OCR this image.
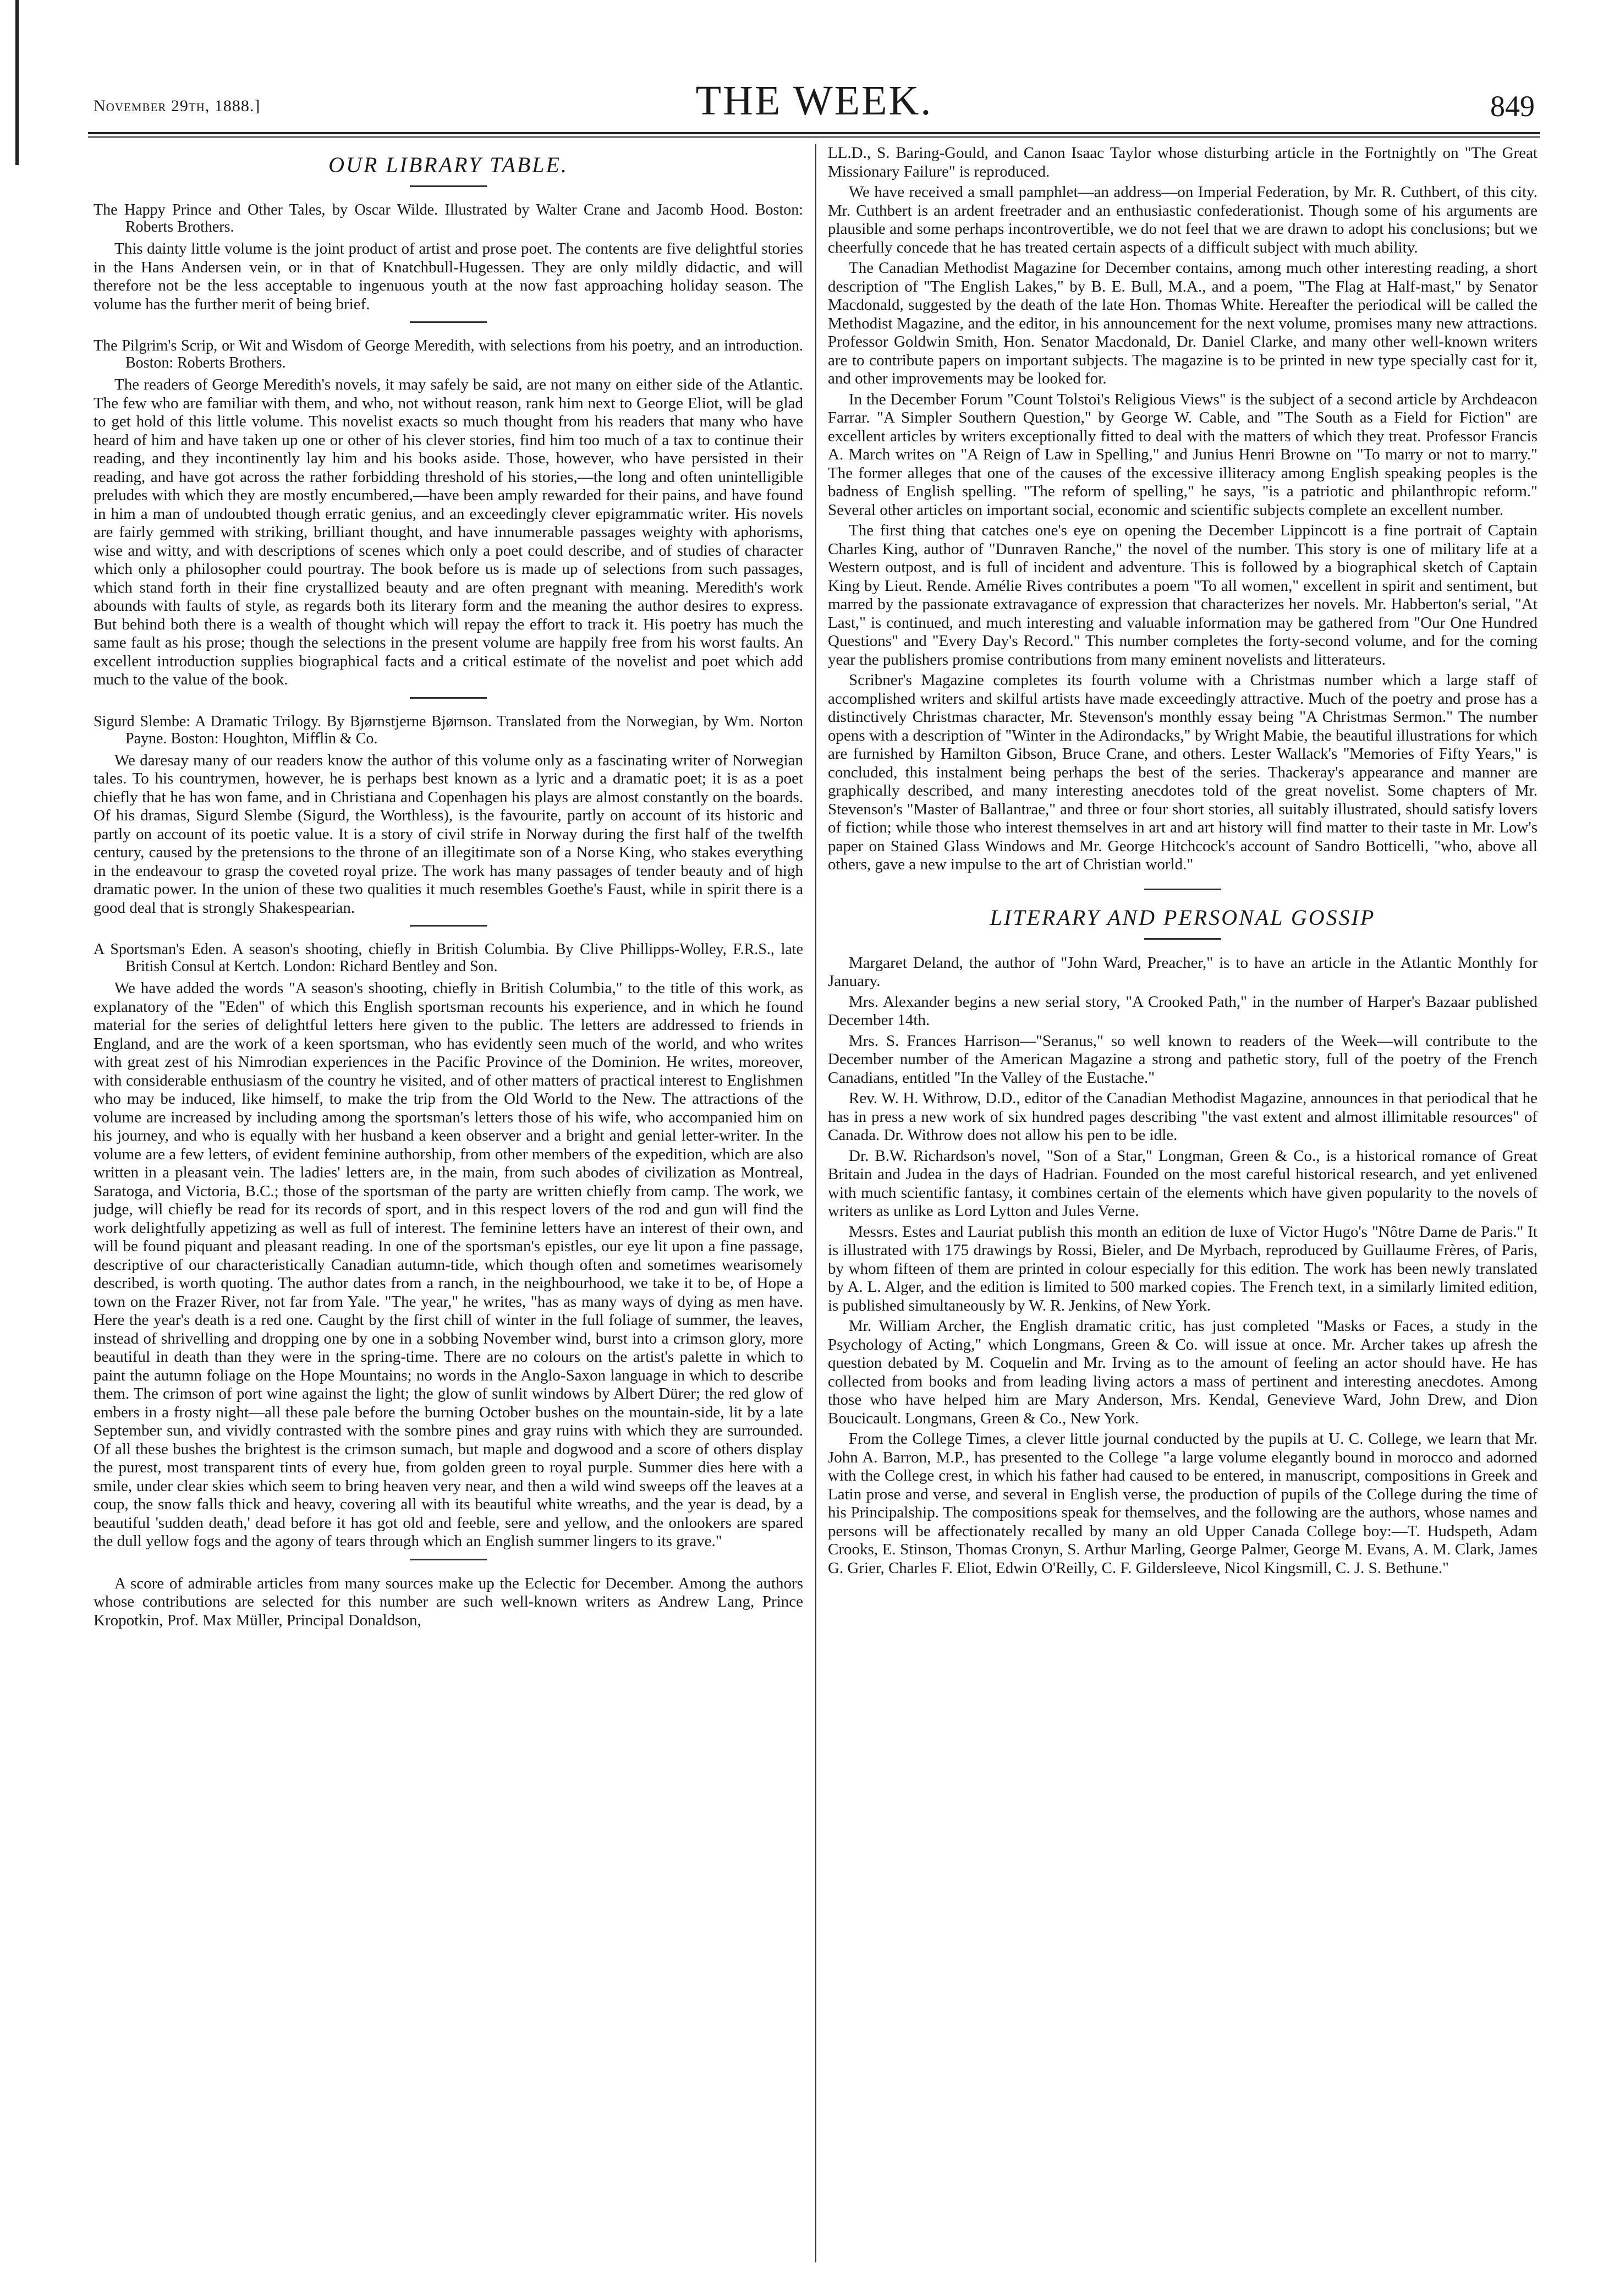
November 29th, 1888.]	THE WEEK.	849
OUR LIBRARY TABLE.
The Happy Prince and Other Tales, by Oscar Wilde. Illustrated by Walter Crane and Jacomb Hood. Boston: Roberts Brothers.

This dainty little volume is the joint product of artist and prose poet. The contents are five delightful stories in the Hans Andersen vein, or in that of Knatchbull-Hugessen. They are only mildly didactic, and will therefore not be the less acceptable to ingenuous youth at the now fast approaching holiday season. The volume has the further merit of being brief.

The Pilgrim's Scrip, or Wit and Wisdom of George Meredith, with selections from his poetry, and an introduction. Boston: Roberts Brothers.

The readers of George Meredith's novels, it may safely be said, are not many on either side of the Atlantic. The few who are familiar with them, and who, not without reason, rank him next to George Eliot, will be glad to get hold of this little volume. This novelist exacts so much thought from his readers that many who have heard of him and have taken up one or other of his clever stories, find him too much of a tax to continue their reading, and they incontinently lay him and his books aside. Those, however, who have persisted in their reading, and have got across the rather forbidding threshold of his stories,—the long and often unintelligible preludes with which they are mostly encumbered,—have been amply rewarded for their pains, and have found in him a man of undoubted though erratic genius, and an exceedingly clever epigrammatic writer. His novels are fairly gemmed with striking, brilliant thought, and have innumerable passages weighty with aphorisms, wise and witty, and with descriptions of scenes which only a poet could describe, and of studies of character which only a philosopher could pourtray. The book before us is made up of selections from such passages, which stand forth in their fine crystallized beauty and are often pregnant with meaning. Meredith's work abounds with faults of style, as regards both its literary form and the meaning the author desires to express. But behind both there is a wealth of thought which will repay the effort to track it. His poetry has much the same fault as his prose; though the selections in the present volume are happily free from his worst faults. An excellent introduction supplies biographical facts and a critical estimate of the novelist and poet which add much to the value of the book.

Sigurd Slembe: A Dramatic Trilogy. By Bjørnstjerne Bjørnson. Translated from the Norwegian, by Wm. Norton Payne. Boston: Houghton, Mifflin & Co.

We daresay many of our readers know the author of this volume only as a fascinating writer of Norwegian tales. To his countrymen, however, he is perhaps best known as a lyric and a dramatic poet; it is as a poet chiefly that he has won fame, and in Christiana and Copenhagen his plays are almost constantly on the boards. Of his dramas, Sigurd Slembe (Sigurd, the Worthless), is the favourite, partly on account of its historic and partly on account of its poetic value. It is a story of civil strife in Norway during the first half of the twelfth century, caused by the pretensions to the throne of an illegitimate son of a Norse King, who stakes everything in the endeavour to grasp the coveted royal prize. The work has many passages of tender beauty and of high dramatic power. In the union of these two qualities it much resembles Goethe's Faust, while in spirit there is a good deal that is strongly Shakespearian.

A Sportsman's Eden. A season's shooting, chiefly in British Columbia. By Clive Phillipps-Wolley, F.R.S., late British Consul at Kertch. London: Richard Bentley and Son.

We have added the words "A season's shooting, chiefly in British Columbia," to the title of this work, as explanatory of the "Eden" of which this English sportsman recounts his experience, and in which he found material for the series of delightful letters here given to the public. The letters are addressed to friends in England, and are the work of a keen sportsman, who has evidently seen much of the world, and who writes with great zest of his Nimrodian experiences in the Pacific Province of the Dominion. He writes, moreover, with considerable enthusiasm of the country he visited, and of other matters of practical interest to Englishmen who may be induced, like himself, to make the trip from the Old World to the New. The attractions of the volume are increased by including among the sportsman's letters those of his wife, who accompanied him on his journey, and who is equally with her husband a keen observer and a bright and genial letter-writer. In the volume are a few letters, of evident feminine authorship, from other members of the expedition, which are also written in a pleasant vein. The ladies' letters are, in the main, from such abodes of civilization as Montreal, Saratoga, and Victoria, B.C.; those of the sportsman of the party are written chiefly from camp. The work, we judge, will chiefly be read for its records of sport, and in this respect lovers of the rod and gun will find the work delightfully appetizing as well as full of interest. The feminine letters have an interest of their own, and will be found piquant and pleasant reading. In one of the sportsman's epistles, our eye lit upon a fine passage, descriptive of our characteristically Canadian autumn-tide, which though often and sometimes wearisomely described, is worth quoting. The author dates from a ranch, in the neighbourhood, we take it to be, of Hope a town on the Frazer River, not far from Yale. "The year," he writes, "has as many ways of dying as men have. Here the year's death is a red one. Caught by the first chill of winter in the full foliage of summer, the leaves, instead of shrivelling and dropping one by one in a sobbing November wind, burst into a crimson glory, more beautiful in death than they were in the spring-time. There are no colours on the artist's palette in which to paint the autumn foliage on the Hope Mountains; no words in the Anglo-Saxon language in which to describe them. The crimson of port wine against the light; the glow of sunlit windows by Albert Dürer; the red glow of embers in a frosty night—all these pale before the burning October bushes on the mountain-side, lit by a late September sun, and vividly contrasted with the sombre pines and gray ruins with which they are surrounded. Of all these bushes the brightest is the crimson sumach, but maple and dogwood and a score of others display the purest, most transparent tints of every hue, from golden green to royal purple. Summer dies here with a smile, under clear skies which seem to bring heaven very near, and then a wild wind sweeps off the leaves at a coup, the snow falls thick and heavy, covering all with its beautiful white wreaths, and the year is dead, by a beautiful 'sudden death,' dead before it has got old and feeble, sere and yellow, and the onlookers are spared the dull yellow fogs and the agony of tears through which an English summer lingers to its grave."

A score of admirable articles from many sources make up the Eclectic for December. Among the authors whose contributions are selected for this number are such well-known writers as Andrew Lang, Prince Kropotkin, Prof. Max Müller, Principal Donaldson,

LL.D., S. Baring-Gould, and Canon Isaac Taylor whose disturbing article in the Fortnightly on "The Great Missionary Failure" is reproduced.

We have received a small pamphlet—an address—on Imperial Federation, by Mr. R. Cuthbert, of this city. Mr. Cuthbert is an ardent freetrader and an enthusiastic confederationist. Though some of his arguments are plausible and some perhaps incontrovertible, we do not feel that we are drawn to adopt his conclusions; but we cheerfully concede that he has treated certain aspects of a difficult subject with much ability.

The Canadian Methodist Magazine for December contains, among much other interesting reading, a short description of "The English Lakes," by B. E. Bull, M.A., and a poem, "The Flag at Half-mast," by Senator Macdonald, suggested by the death of the late Hon. Thomas White. Hereafter the periodical will be called the Methodist Magazine, and the editor, in his announcement for the next volume, promises many new attractions. Professor Goldwin Smith, Hon. Senator Macdonald, Dr. Daniel Clarke, and many other well-known writers are to contribute papers on important subjects. The magazine is to be printed in new type specially cast for it, and other improvements may be looked for.

In the December Forum "Count Tolstoi's Religious Views" is the subject of a second article by Archdeacon Farrar. "A Simpler Southern Question," by George W. Cable, and "The South as a Field for Fiction" are excellent articles by writers exceptionally fitted to deal with the matters of which they treat. Professor Francis A. March writes on "A Reign of Law in Spelling," and Junius Henri Browne on "To marry or not to marry." The former alleges that one of the causes of the excessive illiteracy among English speaking peoples is the badness of English spelling. "The reform of spelling," he says, "is a patriotic and philanthropic reform." Several other articles on important social, economic and scientific subjects complete an excellent number.

The first thing that catches one's eye on opening the December Lippincott is a fine portrait of Captain Charles King, author of "Dunraven Ranche," the novel of the number. This story is one of military life at a Western outpost, and is full of incident and adventure. This is followed by a biographical sketch of Captain King by Lieut. Rende. Amélie Rives contributes a poem "To all women," excellent in spirit and sentiment, but marred by the passionate extravagance of expression that characterizes her novels. Mr. Habberton's serial, "At Last," is continued, and much interesting and valuable information may be gathered from "Our One Hundred Questions" and "Every Day's Record." This number completes the forty-second volume, and for the coming year the publishers promise contributions from many eminent novelists and litterateurs.

Scribner's Magazine completes its fourth volume with a Christmas number which a large staff of accomplished writers and skilful artists have made exceedingly attractive. Much of the poetry and prose has a distinctively Christmas character, Mr. Stevenson's monthly essay being "A Christmas Sermon." The number opens with a description of "Winter in the Adirondacks," by Wright Mabie, the beautiful illustrations for which are furnished by Hamilton Gibson, Bruce Crane, and others. Lester Wallack's "Memories of Fifty Years," is concluded, this instalment being perhaps the best of the series. Thackeray's appearance and manner are graphically described, and many interesting anecdotes told of the great novelist. Some chapters of Mr. Stevenson's "Master of Ballantrae," and three or four short stories, all suitably illustrated, should satisfy lovers of fiction; while those who interest themselves in art and art history will find matter to their taste in Mr. Low's paper on Stained Glass Windows and Mr. George Hitchcock's account of Sandro Botticelli, "who, above all others, gave a new impulse to the art of Christian world."

LITERARY AND PERSONAL GOSSIP

Margaret Deland, the author of "John Ward, Preacher," is to have an article in the Atlantic Monthly for January.

Mrs. Alexander begins a new serial story, "A Crooked Path," in the number of Harper's Bazaar published December 14th.

Mrs. S. Frances Harrison—"Seranus," so well known to readers of the Week—will contribute to the December number of the American Magazine a strong and pathetic story, full of the poetry of the French Canadians, entitled "In the Valley of the Eustache."

Rev. W. H. Withrow, D.D., editor of the Canadian Methodist Magazine, announces in that periodical that he has in press a new work of six hundred pages describing "the vast extent and almost illimitable resources" of Canada. Dr. Withrow does not allow his pen to be idle.

Dr. B.W. Richardson's novel, "Son of a Star," Longman, Green & Co., is a historical romance of Great Britain and Judea in the days of Hadrian. Founded on the most careful historical research, and yet enlivened with much scientific fantasy, it combines certain of the elements which have given popularity to the novels of writers as unlike as Lord Lytton and Jules Verne.

Messrs. Estes and Lauriat publish this month an edition de luxe of Victor Hugo's "Nôtre Dame de Paris." It is illustrated with 175 drawings by Rossi, Bieler, and De Myrbach, reproduced by Guillaume Frères, of Paris, by whom fifteen of them are printed in colour especially for this edition. The work has been newly translated by A. L. Alger, and the edition is limited to 500 marked copies. The French text, in a similarly limited edition, is published simultaneously by W. R. Jenkins, of New York.

Mr. William Archer, the English dramatic critic, has just completed "Masks or Faces, a study in the Psychology of Acting," which Longmans, Green & Co. will issue at once. Mr. Archer takes up afresh the question debated by M. Coquelin and Mr. Irving as to the amount of feeling an actor should have. He has collected from books and from leading living actors a mass of pertinent and interesting anecdotes. Among those who have helped him are Mary Anderson, Mrs. Kendal, Genevieve Ward, John Drew, and Dion Boucicault. Longmans, Green & Co., New York.

From the College Times, a clever little journal conducted by the pupils at U. C. College, we learn that Mr. John A. Barron, M.P., has presented to the College "a large volume elegantly bound in morocco and adorned with the College crest, in which his father had caused to be entered, in manuscript, compositions in Greek and Latin prose and verse, and several in English verse, the production of pupils of the College during the time of his Principalship. The compositions speak for themselves, and the following are the authors, whose names and persons will be affectionately recalled by many an old Upper Canada College boy:—T. Hudspeth, Adam Crooks, E. Stinson, Thomas Cronyn, S. Arthur Marling, George Palmer, George M. Evans, A. M. Clark, James G. Grier, Charles F. Eliot, Edwin O'Reilly, C. F. Gildersleeve, Nicol Kingsmill, C. J. S. Bethune."
